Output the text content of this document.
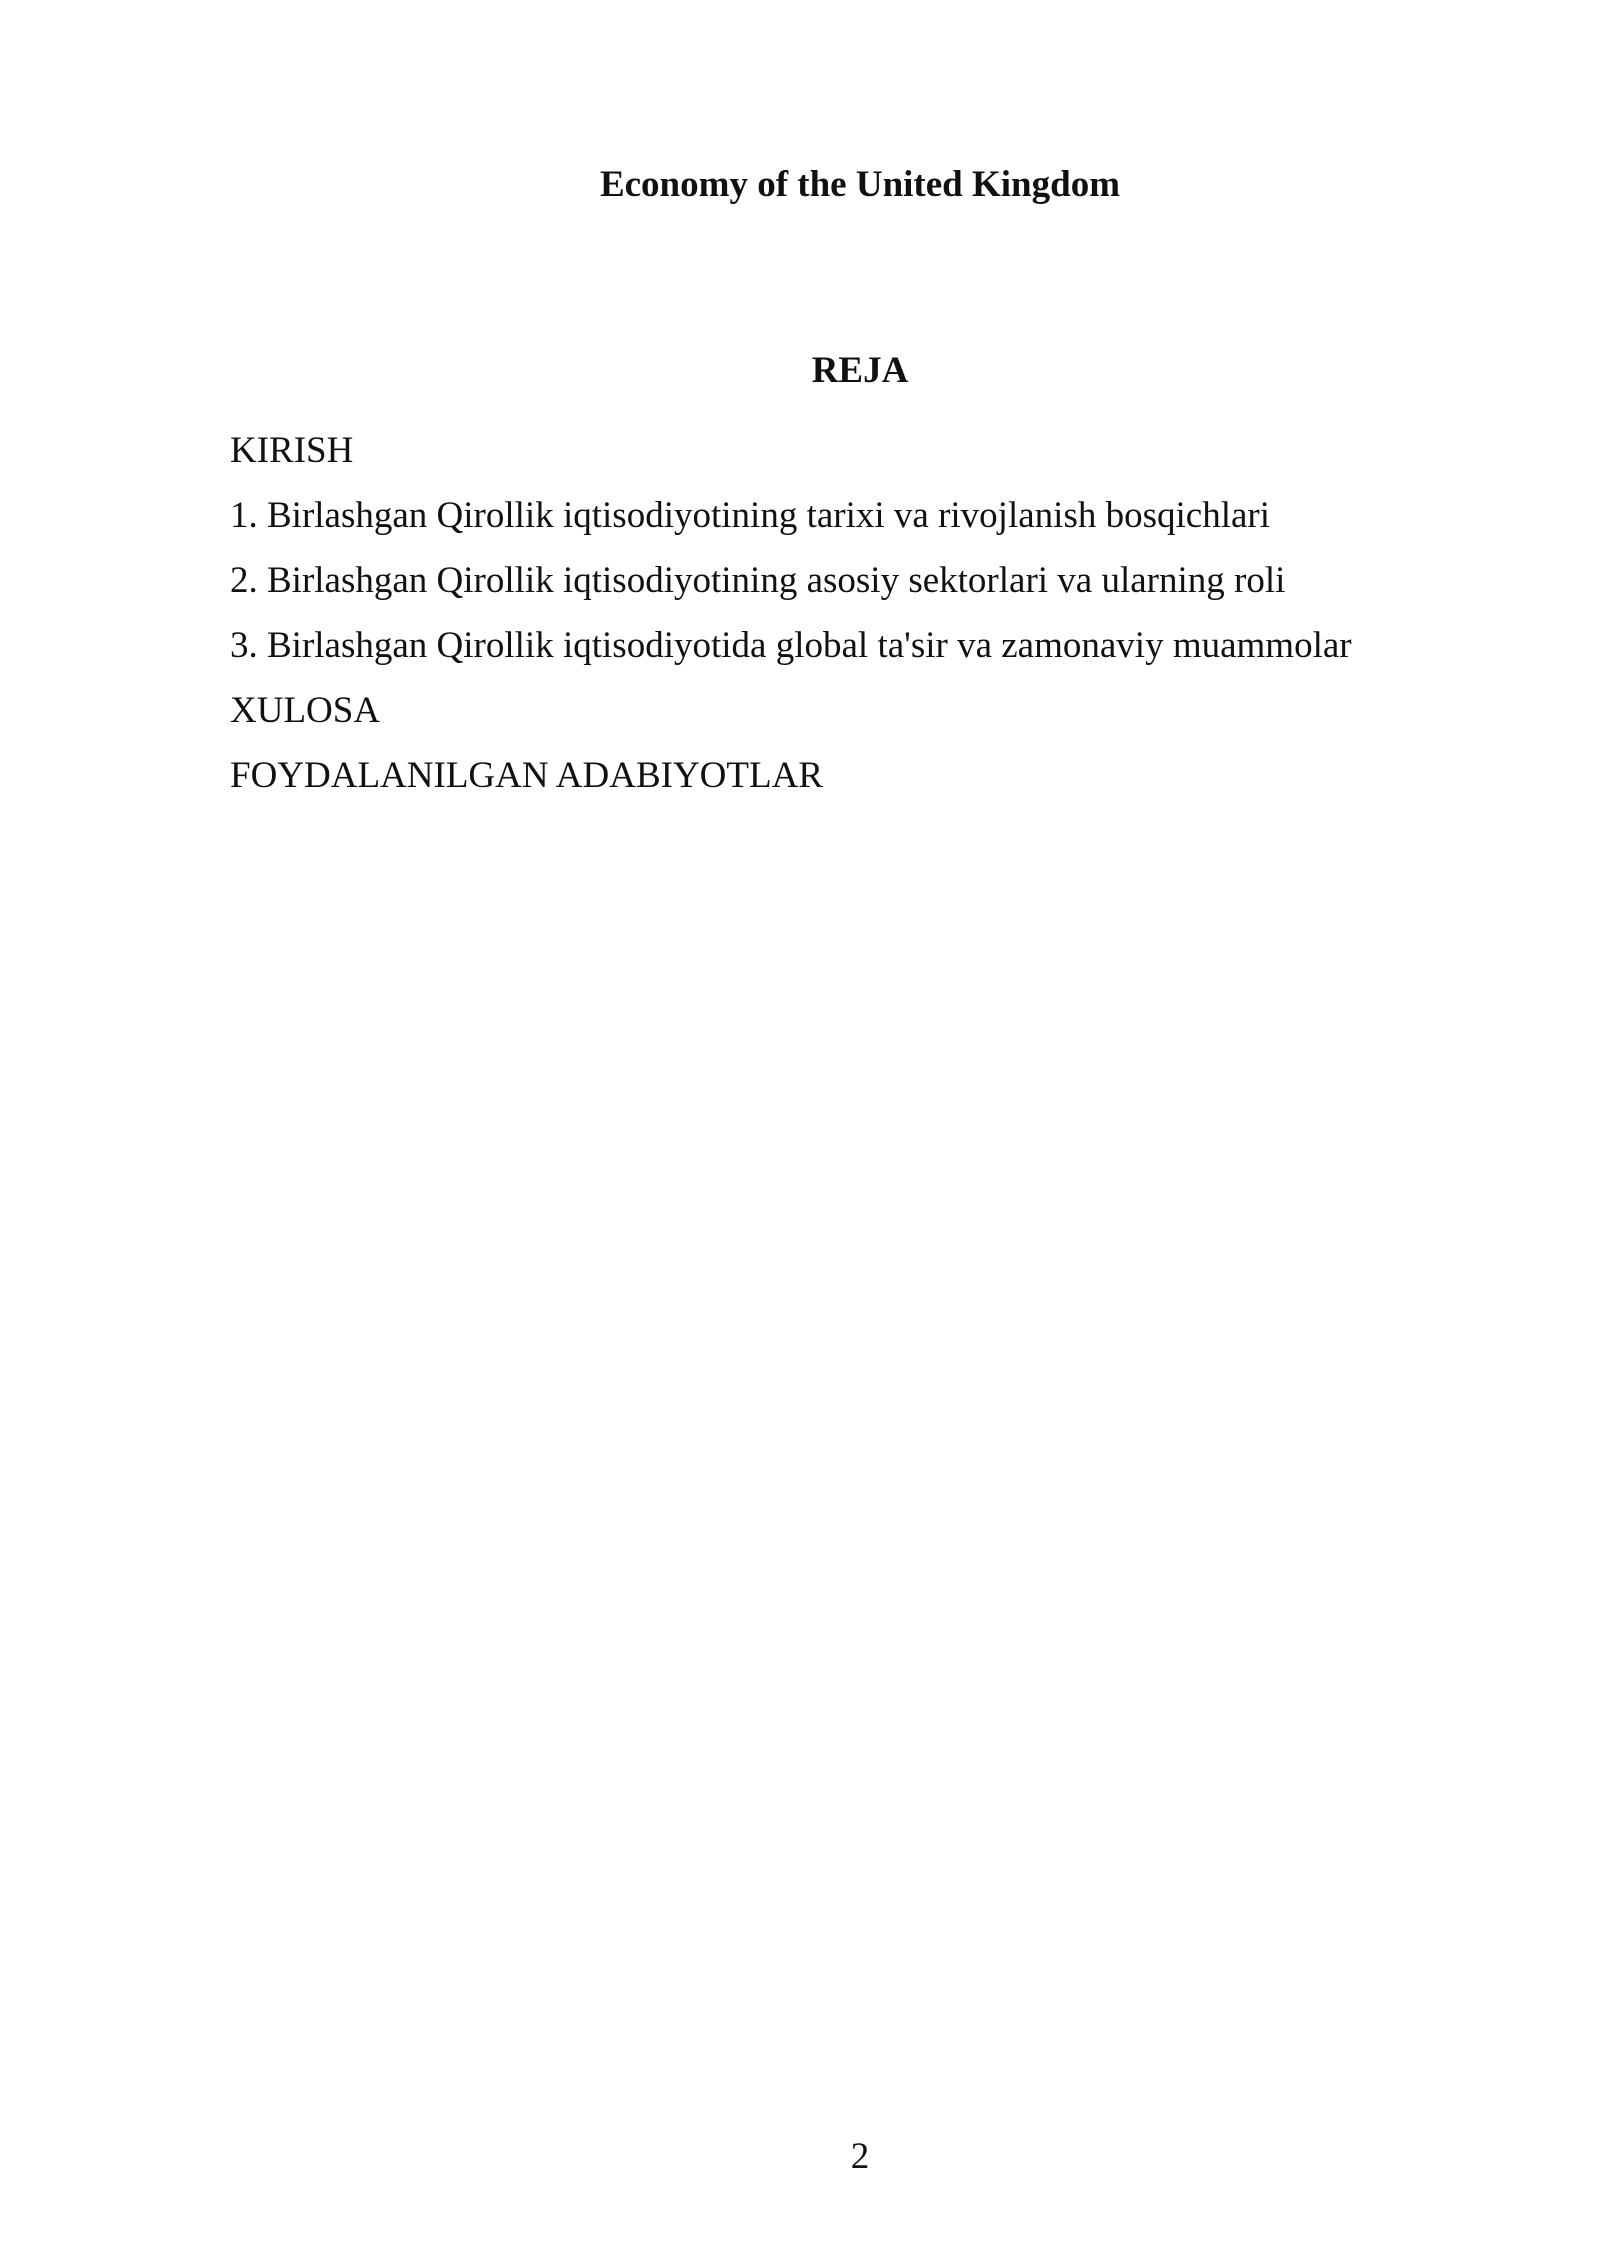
Economy of the United Kingdom
REJA
KIRISH
1. Birlashgan Qirollik iqtisodiyotining tarixi va rivojlanish bosqichlari
2. Birlashgan Qirollik iqtisodiyotining asosiy sektorlari va ularning roli
3. Birlashgan Qirollik iqtisodiyotida global ta'sir va zamonaviy muammolar
XULOSA
FOYDALANILGAN ADABIYOTLAR
2
